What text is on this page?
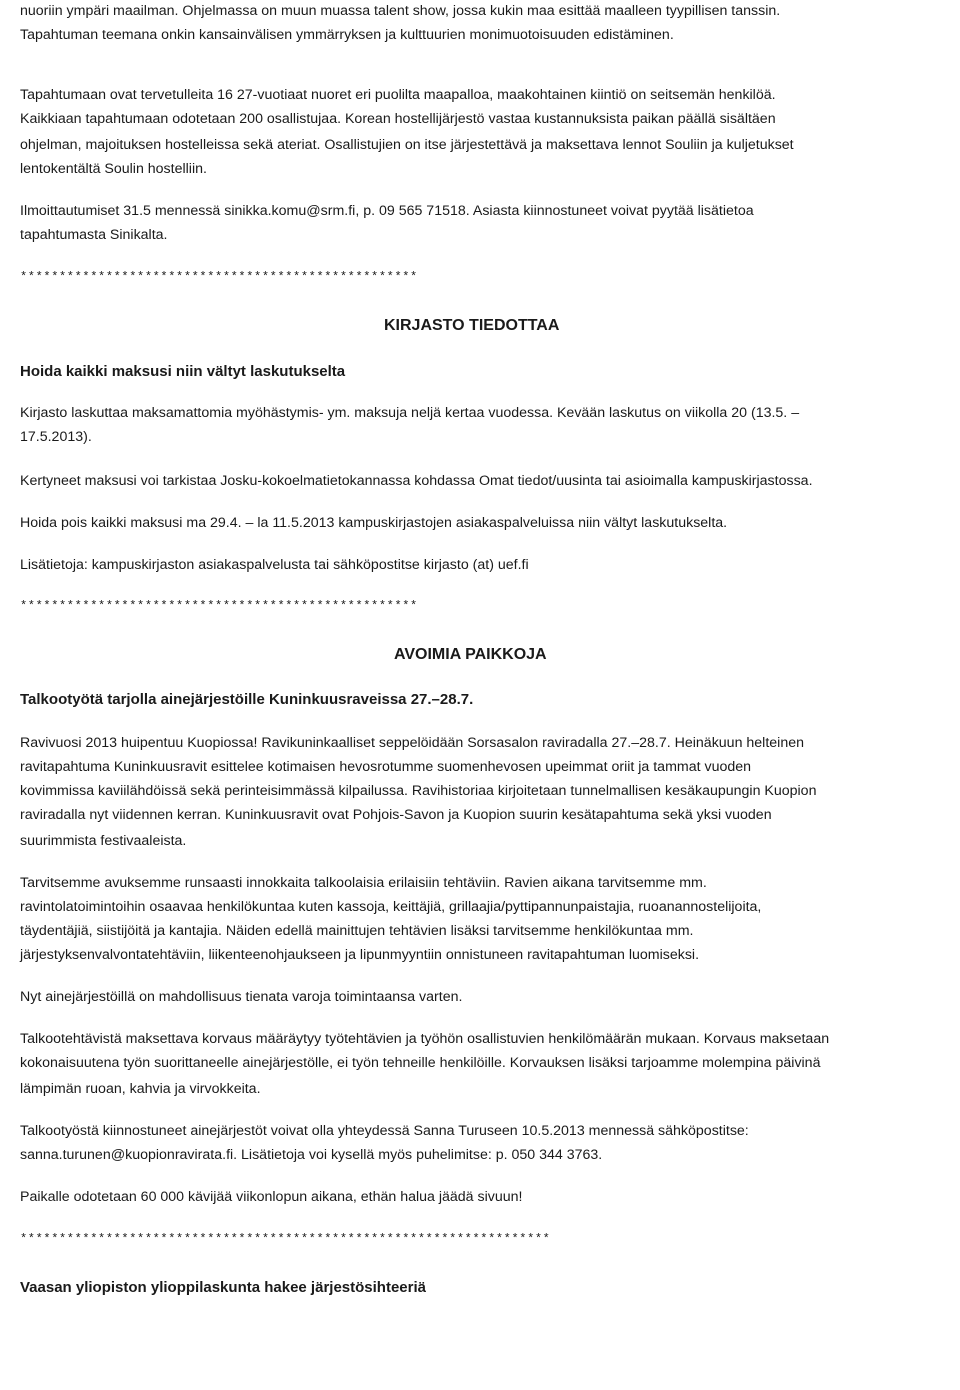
nuoriin ympäri maailman. Ohjelmassa on muun muassa talent show, jossa kukin maa esittää maalleen tyypillisen tanssin.
Tapahtuman teemana onkin kansainvälisen ymmärryksen ja kulttuurien monimuotoisuuden edistäminen.
Tapahtumaan ovat tervetulleita 16 27-vuotiaat nuoret eri puolilta maapalloa, maakohtainen kiintiö on seitsemän henkilöä.
Kaikkiaan tapahtumaan odotetaan 200 osallistujaa. Korean hostellijärjestö vastaa kustannuksista paikan päällä sisältäen
ohjelman, majoituksen hostelleissa sekä ateriat. Osallistujien on itse järjestettävä ja maksettava lennot Souliin ja kuljetukset
lentokentältä Soulin hostelliin.
Ilmoittautumiset 31.5 mennessä sinikka.komu@srm.fi, p. 09 565 71518. Asiasta kiinnostuneet voivat pyytää lisätietoa
tapahtumasta Sinikalta.
***************************************************
KIRJASTO TIEDOTTAA
Hoida kaikki maksusi niin vältyt laskutukselta
Kirjasto laskuttaa maksamattomia myöhästymis- ym. maksuja neljä kertaa vuodessa. Kevään laskutus on viikolla 20 (13.5. –
17.5.2013).
Kertyneet maksusi voi tarkistaa Josku-kokoelmatietokannassa kohdassa Omat tiedot/uusinta tai asioimalla kampuskirjastossa.
Hoida pois kaikki maksusi ma 29.4. – la 11.5.2013 kampuskirjastojen asiakaspalveluissa niin vältyt laskutukselta.
Lisätietoja: kampuskirjaston asiakaspalvelusta tai sähköpostitse kirjasto (at) uef.fi
***************************************************
AVOIMIA PAIKKOJA
Talkootyötä tarjolla ainejärjestöille Kuninkuusraveissa 27.–28.7.
Ravivuosi 2013 huipentuu Kuopiossa! Ravikuninkaalliset seppelöidään Sorsasalon raviradalla 27.–28.7. Heinäkuun helteinen
ravitapahtuma Kuninkuusravit esittelee kotimaisen hevosrotumme suomenhevosen upeimmat oriit ja tammat vuoden
kovimmissa kaviilähdöissä sekä perinteisimmässä kilpailussa. Ravihistoriaa kirjoitetaan tunnelmallisen kesäkaupungin Kuopion
raviradalla nyt viidennen kerran. Kuninkuusravit ovat Pohjois-Savon ja Kuopion suurin kesätapahtuma sekä yksi vuoden
suurimmista festivaaleista.
Tarvitsemme avuksemme runsaasti innokkaita talkoolaisia erilaisiin tehtäviin. Ravien aikana tarvitsemme mm.
ravintolatoimintoihin osaavaa henkilökuntaa kuten kassoja, keittäjiä, grillaajia/pyttipannunpaistajia, ruoanannostelijoita,
täydentäjiä, siistijöitä ja kantajia. Näiden edellä mainittujen tehtävien lisäksi tarvitsemme henkilökuntaa mm.
järjestyksenvalvontatehtäviin, liikenteenohjaukseen ja lipunmyyntiin onnistuneen ravitapahtuman luomiseksi.
Nyt ainejärjestöillä on mahdollisuus tienata varoja toimintaansa varten.
Talkootehtävistä maksettava korvaus määräytyy työtehtävien ja työhön osallistuvien henkilömäärän mukaan. Korvaus maksetaan
kokonaisuutena työn suorittaneelle ainejärjestölle, ei työn tehneille henkilöille. Korvauksen lisäksi tarjoamme molempina päivinä
lämpimän ruoan, kahvia ja virvokkeita.
Talkootyöstä kiinnostuneet ainejärjestöt voivat olla yhteydessä Sanna Turuseen 10.5.2013 mennessä sähköpostitse:
sanna.turunen@kuopionravirata.fi. Lisätietoja voi kysellä myös puhelimitse: p. 050 344 3763.
Paikalle odotetaan 60 000 kävijää viikonlopun aikana, ethän halua jäädä sivuun!
********************************************************************
Vaasan yliopiston ylioppilaskunta hakee järjestösihteeriä
